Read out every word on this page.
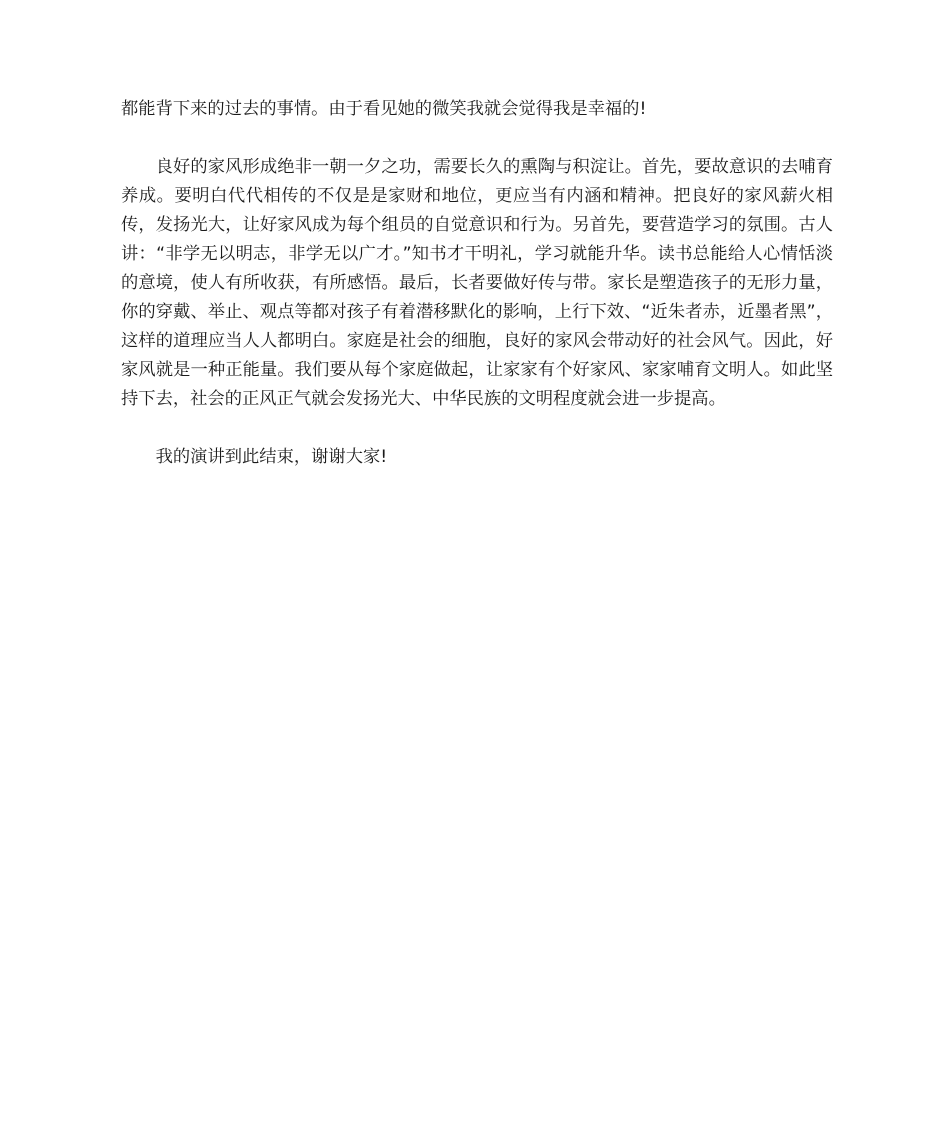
都能背下来的过去的事情。由于看见她的微笑我就会觉得我是幸福的!

良好的家风形成绝非一朝一夕之功，需要长久的熏陶与积淀让。首先，要故意识的去哺育养成。要明白代代相传的不仅是是家财和地位，更应当有内涵和精神。把良好的家风薪火相传，发扬光大，让好家风成为每个组员的自觉意识和行为。另首先，要营造学习的氛围。古人讲：“非学无以明志，非学无以广才。”知书才干明礼，学习就能升华。读书总能给人心情恬淡的意境，使人有所收获，有所感悟。最后，长者要做好传与带。家长是塑造孩子的无形力量，你的穿戴、举止、观点等都对孩子有着潜移默化的影响，上行下效、“近朱者赤，近墨者黑”，这样的道理应当人人都明白。家庭是社会的细胞，良好的家风会带动好的社会风气。因此，好家风就是一种正能量。我们要从每个家庭做起，让家家有个好家风、家家哺育文明人。如此坚持下去，社会的正风正气就会发扬光大、中华民族的文明程度就会进一步提高。

我的演讲到此结束，谢谢大家!
